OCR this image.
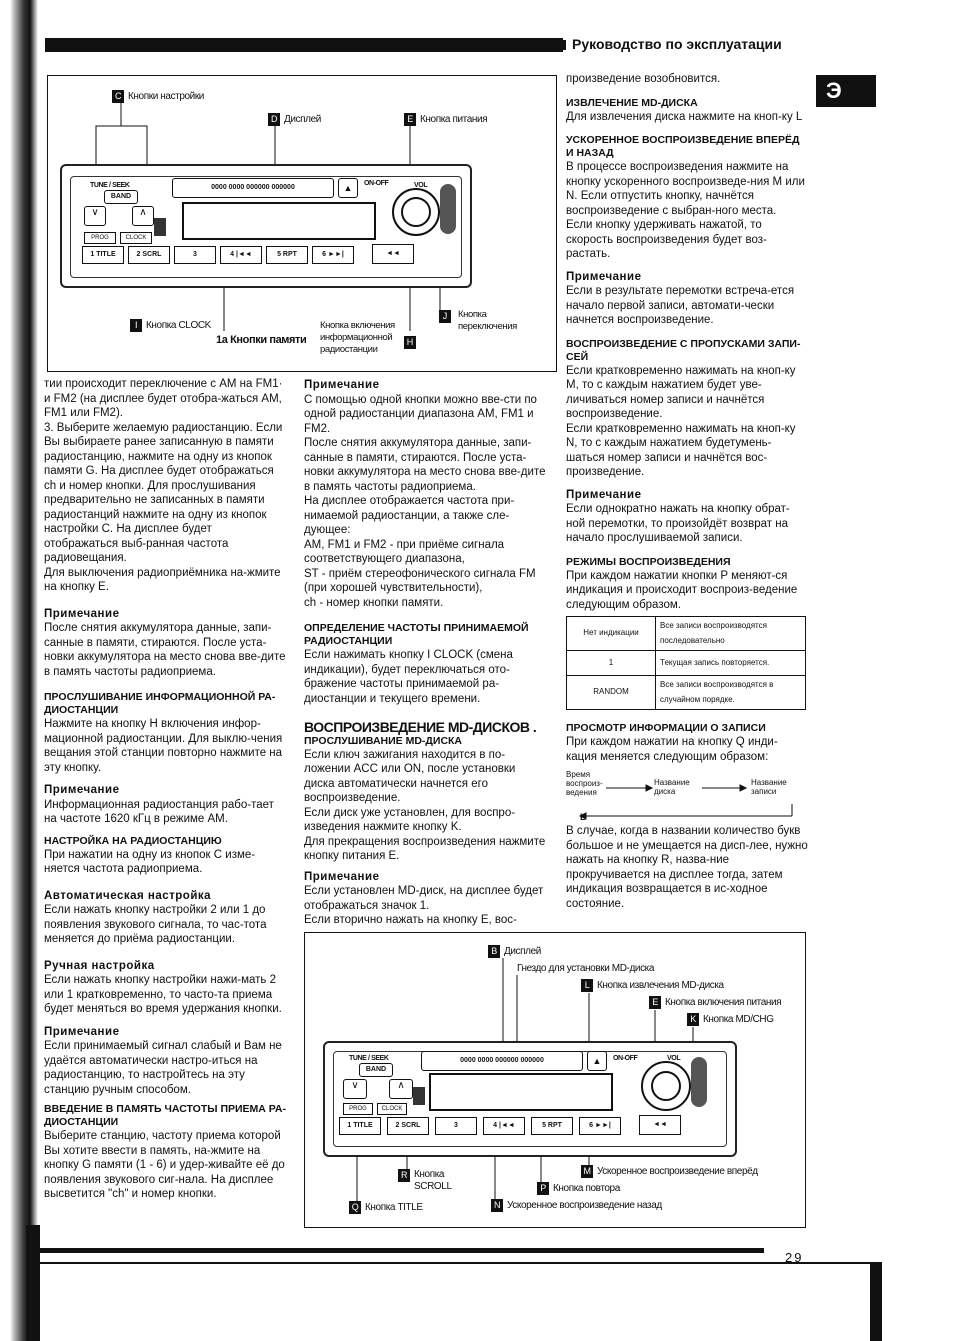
Руководство по эксплуатации
Э
C Кнопки настройки
D Дисплей	E Кнопка питания
TUNE / SEEK
BAND
∨	∧
PROG	CLOCK
0000 0000 000000 000000	▲	ON-OFF	VOL
1 TITLE	2 SCRL	3	4 |◄◄	5 RPT	6 ►►|	◄◄
I Кнопка CLOCK
1a Кнопки памяти
Кнопка включения информационной радиостанции
H
J	Кнопка переключения

тии происходит переключение с AM на FM1· и FM2 (на дисплее будет отобра-жаться AM, FM1 или FM2).

3. Выберите желаемую радиостанцию. Если Вы выбираете ранее записанную в памяти радиостанцию, нажмите на одну из кнопок памяти G. На дисплее будет отображаться ch и номер кнопки. Для прослушивания предварительно не записанных в памяти радиостанций нажмите на одну из кнопок настройки C. На дисплее будет отображаться выб-ранная частота радиовещания.

Для выключения радиоприёмника на-жмите на кнопку E.

Примечание

После снятия аккумулятора данные, запи-санные в памяти, стираются. После уста-новки аккумулятора на место снова вве-дите в память частоты радиоприема.

ПРОСЛУШИВАНИЕ ИНФОРМАЦИОННОЙ РА-ДИОСТАНЦИИ

Нажмите на кнопку H включения инфор-мационной радиостанции. Для выклю-чения вещания этой станции повторно нажмите на эту кнопку.

Примечание

Информационная радиостанция рабо-тает на частоте 1620 кГц в режиме AM.

НАСТРОЙКА НА РАДИОСТАНЦИЮ

При нажатии на одну из кнопок C изме-няется частота радиоприема.

Автоматическая настройка

Если нажать кнопку настройки 2 или 1 до появления звукового сигнала, то час-тота меняется до приёма радиостанции.

Ручная настройка

Если нажать кнопку настройки нажи-мать 2 или 1 кратковременно, то часто-та приема будет меняться во время удержания кнопки.

Примечание

Если принимаемый сигнал слабый и Вам не удаётся автоматически настро-иться на радиостанцию, то настройтесь на эту станцию ручным способом.

ВВЕДЕНИЕ В ПАМЯТЬ ЧАСТОТЫ ПРИЕМА РА-ДИОСТАНЦИИ

Выберите станцию, частоту приема которой Вы хотите ввести в память, на-жмите на кнопку G памяти (1 - 6) и удер-живайте её до появления звукового сиг-нала. На дисплее высветится "ch" и номер кнопки.

Примечание

С помощью одной кнопки можно вве-сти по одной радиостанции диапазона AM, FM1 и FM2.

После снятия аккумулятора данные, запи-санные в памяти, стираются. После уста-новки аккумулятора на место снова вве-дите в память частоты радиоприема.

На дисплее отображается частота при-нимаемой радиостанции, а также сле-дующее:

AM, FM1 и FM2 - при приёме сигнала соответствующего диапазона,

ST - приём стереофонического сигнала FM (при хорошей чувствительности),

ch - номер кнопки памяти.

ОПРЕДЕЛЕНИЕ ЧАСТОТЫ ПРИНИМАЕМОЙ РАДИОСТАНЦИИ

Если нажимать кнопку I CLOCK (смена индикации), будет переключаться ото-бражение частоты принимаемой ра-диостанции и текущего времени.

ВОСПРОИЗВЕДЕНИЕ MD-ДИСКОВ .

ПРОСЛУШИВАНИЕ MD-ДИСКА

Если ключ зажигания находится в по-ложении ACC или ON, после установки диска автоматически начнется его воспроизведение.

Если диск уже установлен, для воспро-изведения нажмите кнопку K.

Для прекращения воспроизведения нажмите кнопку питания E.

Примечание

Если установлен MD-диск, на дисплее будет отображаться значок 1.

Если вторично нажать на кнопку E, вос-

произведение возобновится.

ИЗВЛЕЧЕНИЕ MD-ДИСКА

Для извлечения диска нажмите на кноп-ку L

УСКОРЕННОЕ ВОСПРОИЗВЕДЕНИЕ ВПЕРЁД И НАЗАД

В процессе воспроизведения нажмите на кнопку ускоренного воспроизведе-ния M или N. Если отпустить кнопку, начнётся воспроизведение с выбран-ного места.

Если кнопку удерживать нажатой, то скорость воспроизведения будет воз-растать.

Примечание

Если в результате перемотки встреча-ется начало первой записи, автомати-чески начнется воспроизведение.

ВОСПРОИЗВЕДЕНИЕ С ПРОПУСКАМИ ЗАПИ-СЕЙ

Если кратковременно нажимать на кноп-ку M, то с каждым нажатием будет уве-личиваться номер записи и начнётся воспроизведение.

Если кратковременно нажимать на кноп-ку N, то с каждым нажатием будетумень-шаться номер записи и начнётся вос-произведение.

Примечание

Если однократно нажать на кнопку обрат-ной перемотки, то произойдёт возврат на начало прослушиваемой записи.

РЕЖИМЫ ВОСПРОИЗВЕДЕНИЯ

При каждом нажатии кнопки P меняют-ся индикация и происходит воспроиз-ведение следующим образом.

Нет индикации	Все записи воспроизводятся последовательно
1	Текущая запись повторяется.
RANDOM	Все записи воспроизводятся в случайном порядке.

ПРОСМОТР ИНФОРМАЦИИ О ЗАПИСИ

При каждом нажатии на кнопку Q инди-кация меняется следующим образом:

Время воспроиз-ведения
Название диска
Название записи
L

В случае, когда в названии количество букв большое и не умещается на дисп-лее, нужно нажать на кнопку R, назва-ние прокручивается на дисплее тогда, затем индикация возвращается в ис-ходное состояние.

B Дисплей
Гнездо для установки MD-диска
L Кнопка извлечения MD-диска
E Кнопка включения питания
K Кнопка MD/CHG
TUNE / SEEK
BAND
∨	∧
PROG	CLOCK
0000 0000 000000 000000	▲	ON-OFF	VOL
1 TITLE	2 SCRL	3	4 |◄◄	5 RPT	6 ►►|	◄◄
R Кнопка SCROLL
Q Кнопка TITLE
M Ускоренное воспроизведение вперёд
P Кнопка повтора
N Ускоренное воспроизведение назад
29
